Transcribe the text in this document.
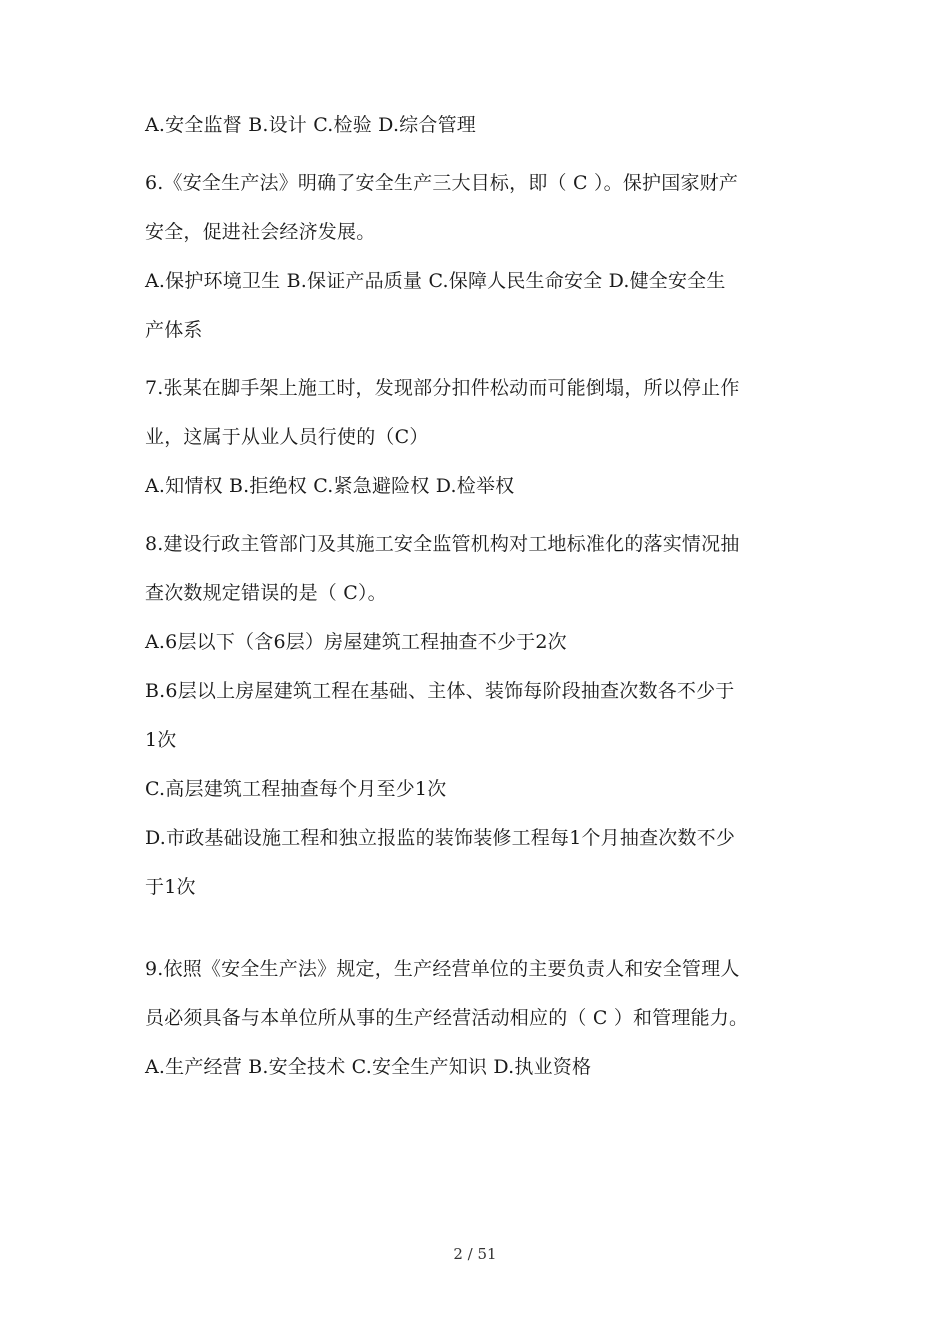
A.安全监督 B.设计 C.检验 D.综合管理
6.《安全生产法》明确了安全生产三大目标，即（ C ）。保护国家财产
安全，促进社会经济发展。
A.保护环境卫生 B.保证产品质量 C.保障人民生命安全 D.健全安全生
产体系
7.张某在脚手架上施工时，发现部分扣件松动而可能倒塌，所以停止作
业，这属于从业人员行使的（C）
A.知情权 B.拒绝权 C.紧急避险权 D.检举权
8.建设行政主管部门及其施工安全监管机构对工地标准化的落实情况抽
查次数规定错误的是（ C）。
A.6层以下（含6层）房屋建筑工程抽查不少于2次
B.6层以上房屋建筑工程在基础、主体、装饰每阶段抽查次数各不少于
1次
C.高层建筑工程抽查每个月至少1次
D.市政基础设施工程和独立报监的装饰装修工程每1个月抽查次数不少
于1次
9.依照《安全生产法》规定，生产经营单位的主要负责人和安全管理人
员必须具备与本单位所从事的生产经营活动相应的（ C ）和管理能力。
A.生产经营 B.安全技术 C.安全生产知识 D.执业资格
2 / 51
